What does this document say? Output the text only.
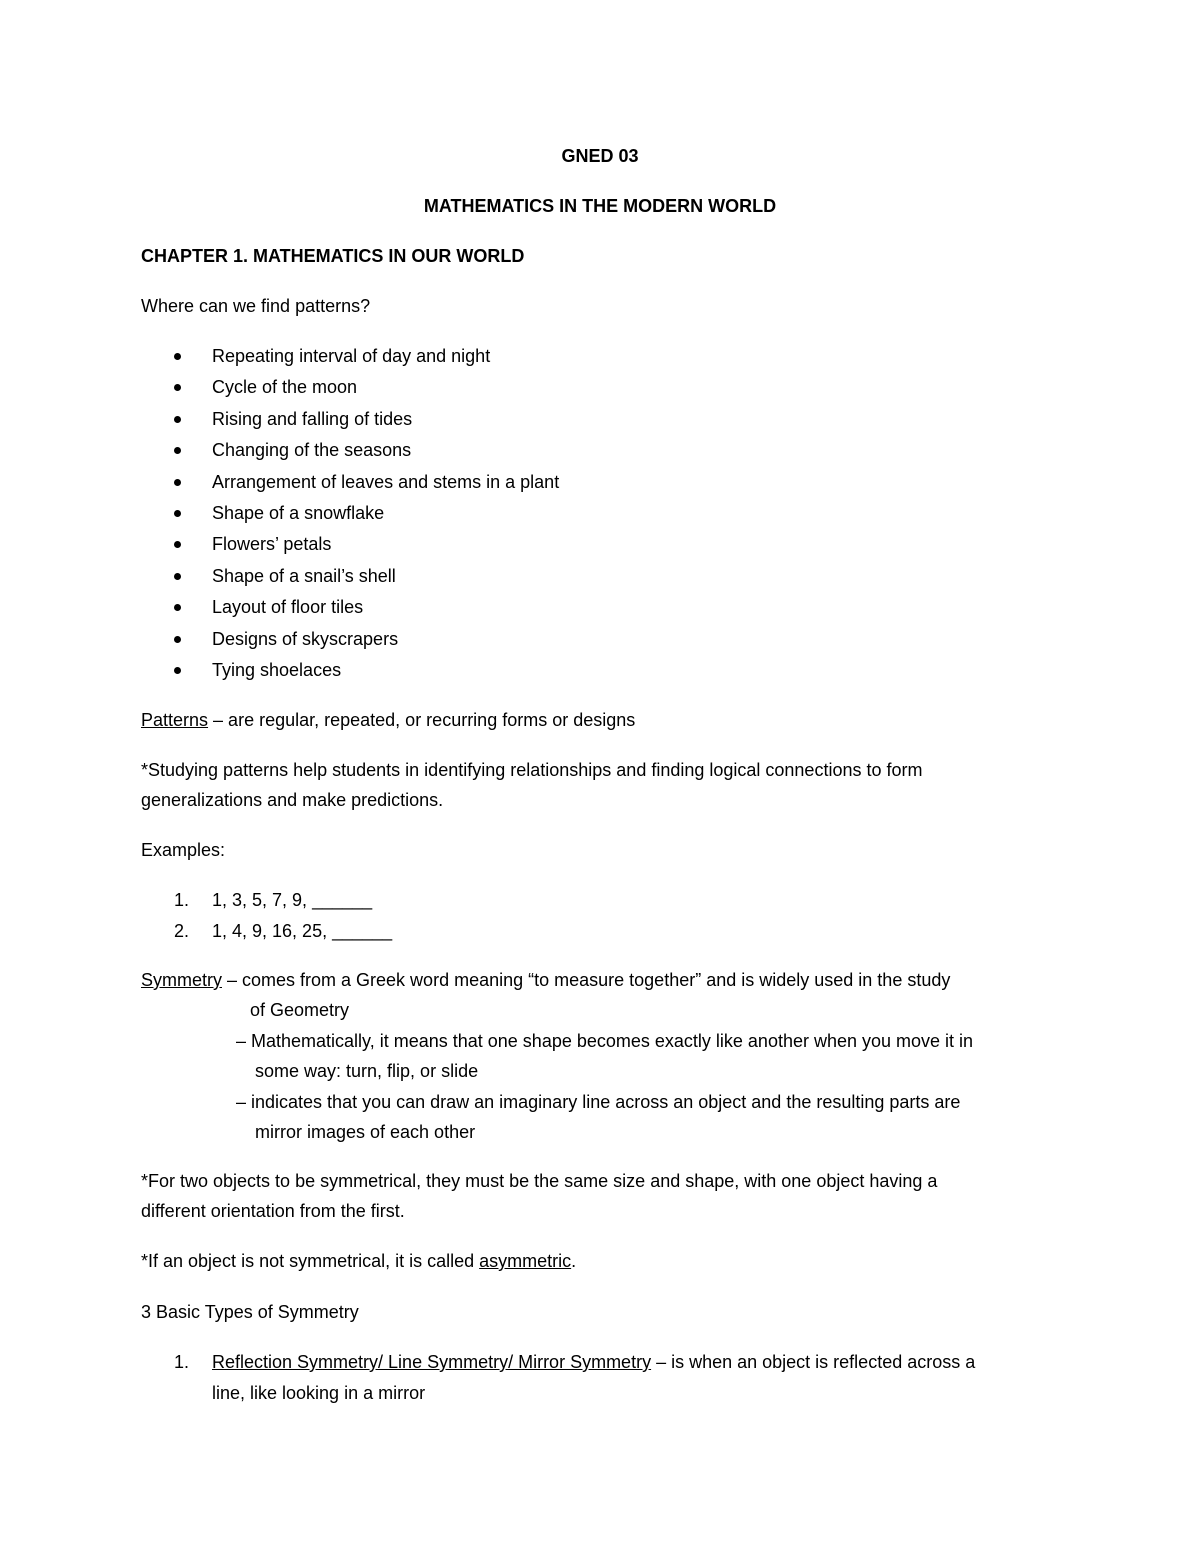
GNED 03
MATHEMATICS IN THE MODERN WORLD
CHAPTER 1. MATHEMATICS IN OUR WORLD
Where can we find patterns?
Repeating interval of day and night
Cycle of the moon
Rising and falling of tides
Changing of the seasons
Arrangement of leaves and stems in a plant
Shape of a snowflake
Flowers’ petals
Shape of a snail’s shell
Layout of floor tiles
Designs of skyscrapers
Tying shoelaces
Patterns – are regular, repeated, or recurring forms or designs
*Studying patterns help students in identifying relationships and finding logical connections to form
generalizations and make predictions.
Examples:
1. 1, 3, 5, 7, 9, ______
2. 1, 4, 9, 16, 25, ______
Symmetry – comes from a Greek word meaning “to measure together” and is widely used in the study
of Geometry
– Mathematically, it means that one shape becomes exactly like another when you move it in
some way: turn, flip, or slide
– indicates that you can draw an imaginary line across an object and the resulting parts are
mirror images of each other
*For two objects to be symmetrical, they must be the same size and shape, with one object having a
different orientation from the first.
*If an object is not symmetrical, it is called asymmetric.
3 Basic Types of Symmetry
1. Reflection Symmetry/ Line Symmetry/ Mirror Symmetry – is when an object is reflected across a
line, like looking in a mirror
